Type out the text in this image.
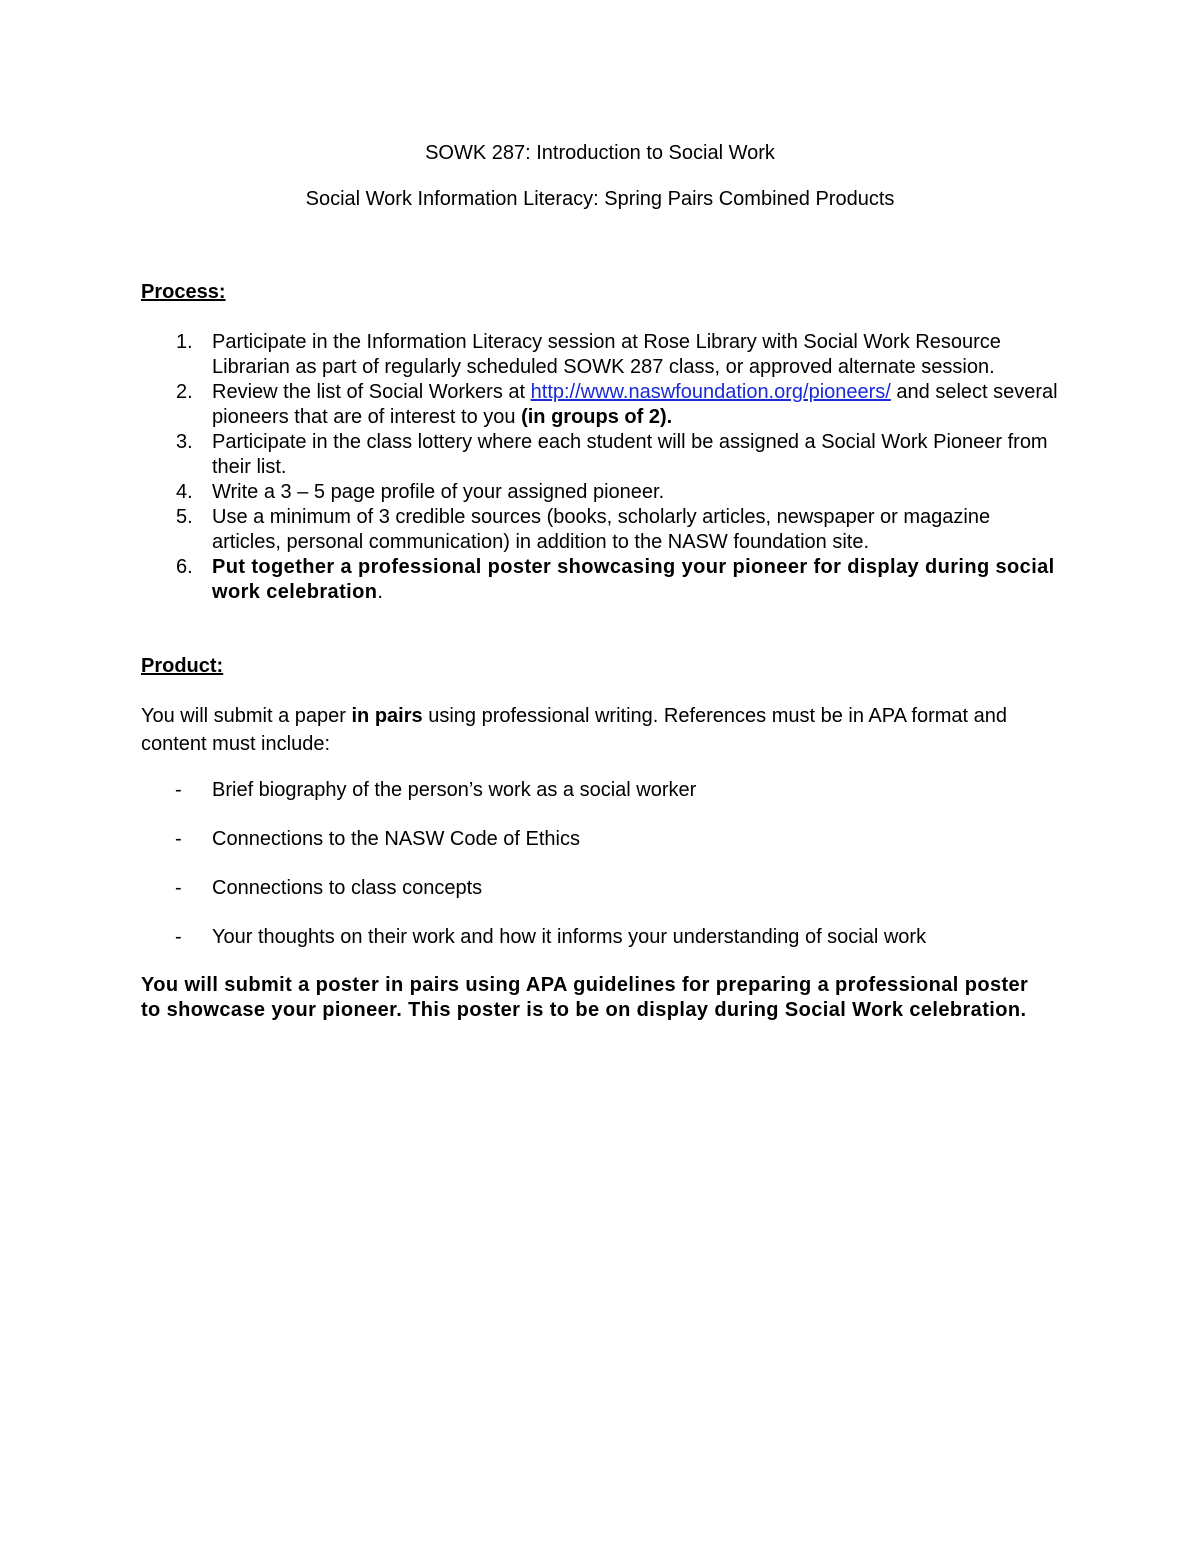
SOWK 287: Introduction to Social Work

Social Work Information Literacy: Spring Pairs Combined Products

Process:

1. Participate in the Information Literacy session at Rose Library with Social Work Resource Librarian as part of regularly scheduled SOWK 287 class, or approved alternate session.
2. Review the list of Social Workers at http://www.naswfoundation.org/pioneers/ and select several pioneers that are of interest to you (in groups of 2).
3. Participate in the class lottery where each student will be assigned a Social Work Pioneer from their list.
4. Write a 3 – 5 page profile of your assigned pioneer.
5. Use a minimum of 3 credible sources (books, scholarly articles, newspaper or magazine articles, personal communication) in addition to the NASW foundation site.
6. Put together a professional poster showcasing your pioneer for display during social work celebration.

Product:

You will submit a paper in pairs using professional writing. References must be in APA format and content must include:

- Brief biography of the person’s work as a social worker
- Connections to the NASW Code of Ethics
- Connections to class concepts
- Your thoughts on their work and how it informs your understanding of social work

You will submit a poster in pairs using APA guidelines for preparing a professional poster to showcase your pioneer. This poster is to be on display during Social Work celebration.
